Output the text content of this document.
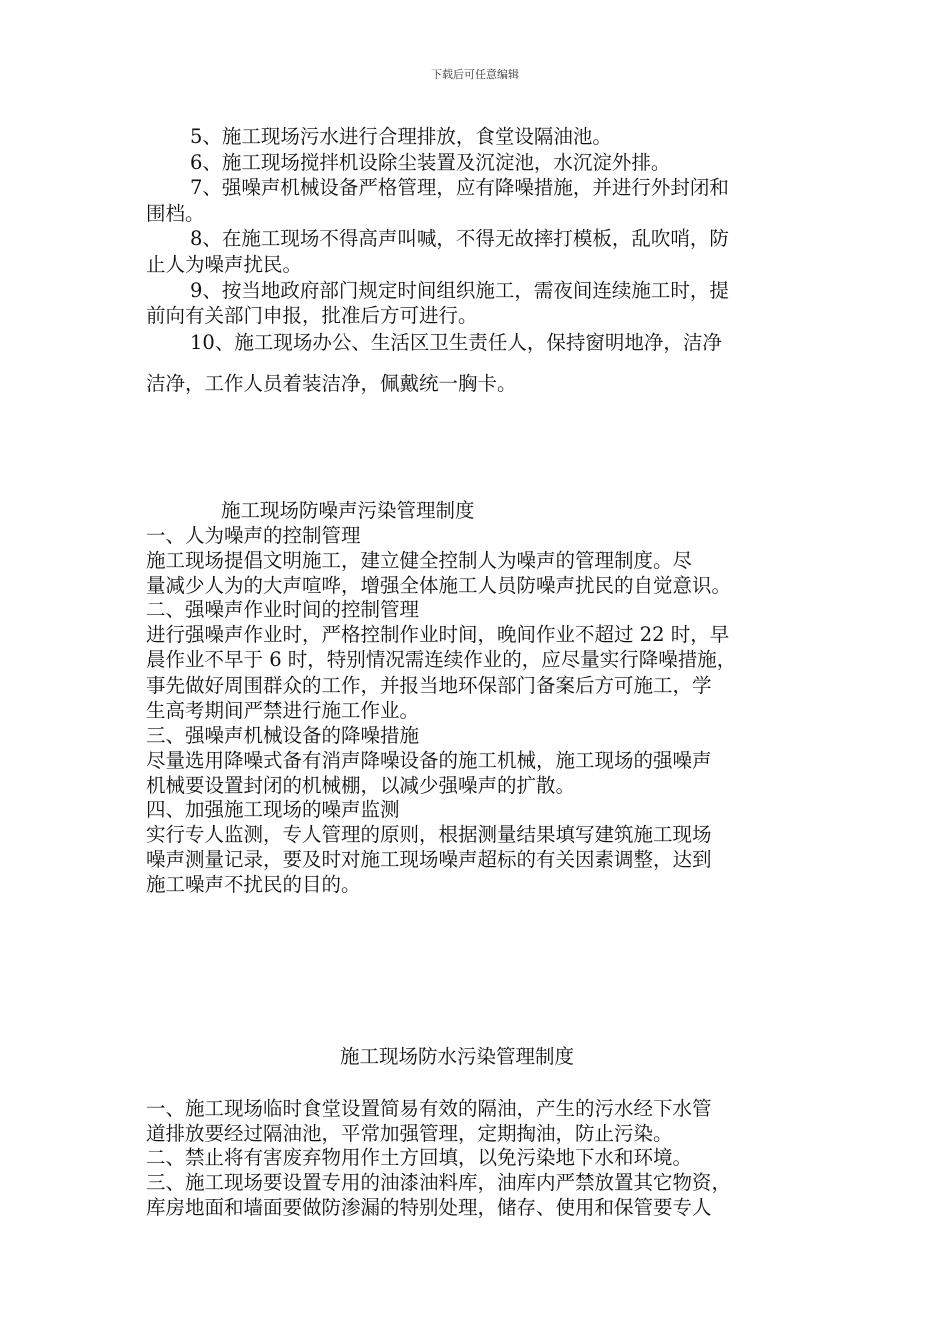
下载后可任意编辑

5、施工现场污水进行合理排放，食堂设隔油池。

6、施工现场搅拌机设除尘装置及沉淀池，水沉淀外排。

7、强噪声机械设备严格管理，应有降噪措施，并进行外封闭和

围档。

8、在施工现场不得高声叫喊，不得无故摔打模板，乱吹哨，防

止人为噪声扰民。

9、按当地政府部门规定时间组织施工，需夜间连续施工时，提

前向有关部门申报，批准后方可进行。

10、施工现场办公、生活区卫生责任人，保持窗明地净，洁净

洁净，工作人员着装洁净，佩戴统一胸卡。

施工现场防噪声污染管理制度

一、人为噪声的控制管理

施工现场提倡文明施工，建立健全控制人为噪声的管理制度。尽

量减少人为的大声喧哗，增强全体施工人员防噪声扰民的自觉意识。

二、强噪声作业时间的控制管理

进行强噪声作业时，严格控制作业时间，晚间作业不超过 22 时，早

晨作业不早于 6 时，特别情况需连续作业的，应尽量实行降噪措施，

事先做好周围群众的工作，并报当地环保部门备案后方可施工，学

生高考期间严禁进行施工作业。

三、强噪声机械设备的降噪措施

尽量选用降噪式备有消声降噪设备的施工机械，施工现场的强噪声

机械要设置封闭的机械棚，以减少强噪声的扩散。

四、加强施工现场的噪声监测

实行专人监测，专人管理的原则，根据测量结果填写建筑施工现场

噪声测量记录，要及时对施工现场噪声超标的有关因素调整，达到

施工噪声不扰民的目的。

施工现场防水污染管理制度

一、施工现场临时食堂设置简易有效的隔油，产生的污水经下水管

道排放要经过隔油池，平常加强管理，定期掏油，防止污染。

二、禁止将有害废弃物用作土方回填，以免污染地下水和环境。

三、施工现场要设置专用的油漆油料库，油库内严禁放置其它物资，

库房地面和墙面要做防渗漏的特别处理，储存、使用和保管要专人
